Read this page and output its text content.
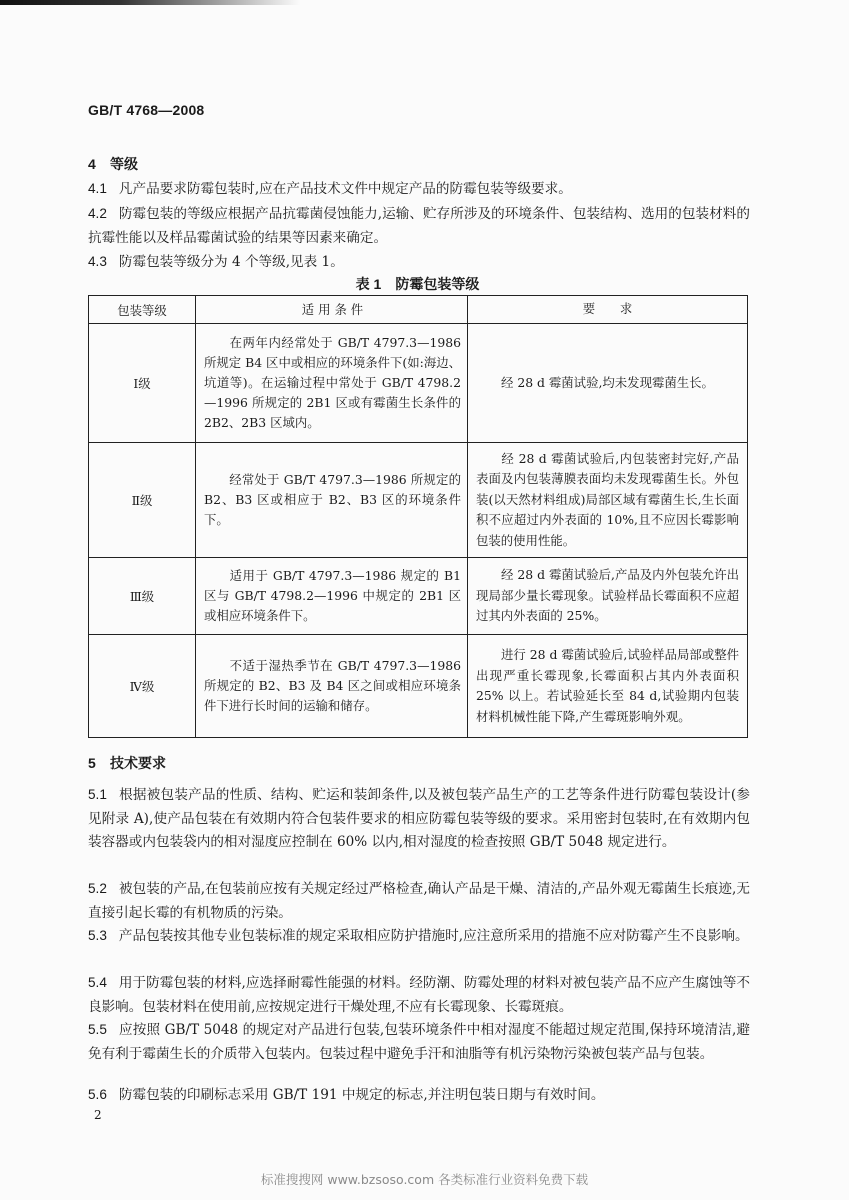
GB/T 4768—2008
4 等级
4.1 凡产品要求防霉包装时,应在产品技术文件中规定产品的防霉包装等级要求。
4.2 防霉包装的等级应根据产品抗霉菌侵蚀能力,运输、贮存所涉及的环境条件、包装结构、选用的包装材料的抗霉性能以及样品霉菌试验的结果等因素来确定。
4.3 防霉包装等级分为 4 个等级,见表 1。
表 1 防霉包装等级
包装等级	适 用 条 件	要　　求
Ⅰ级	在两年内经常处于 GB/T 4797.3—1986 所规定 B4 区中或相应的环境条件下(如:海边、坑道等)。在运输过程中常处于 GB/T 4798.2—1996 所规定的 2B1 区或有霉菌生长条件的 2B2、2B3 区域内。	经 28 d 霉菌试验,均未发现霉菌生长。
Ⅱ级	经常处于 GB/T 4797.3—1986 所规定的 B2、B3 区或相应于 B2、B3 区的环境条件下。	经 28 d 霉菌试验后,内包装密封完好,产品表面及内包装薄膜表面均未发现霉菌生长。外包装(以天然材料组成)局部区域有霉菌生长,生长面积不应超过内外表面的 10%,且不应因长霉影响包装的使用性能。
Ⅲ级	适用于 GB/T 4797.3—1986 规定的 B1 区与 GB/T 4798.2—1996 中规定的 2B1 区或相应环境条件下。	经 28 d 霉菌试验后,产品及内外包装允许出现局部少量长霉现象。试验样品长霉面积不应超过其内外表面的 25%。
Ⅳ级	不适于湿热季节在 GB/T 4797.3—1986 所规定的 B2、B3 及 B4 区之间或相应环境条件下进行长时间的运输和储存。	进行 28 d 霉菌试验后,试验样品局部或整件出现严重长霉现象,长霉面积占其内外表面积 25% 以上。若试验延长至 84 d,试验期内包装材料机械性能下降,产生霉斑影响外观。
5 技术要求
5.1 根据被包装产品的性质、结构、贮运和装卸条件,以及被包装产品生产的工艺等条件进行防霉包装设计(参见附录 A),使产品包装在有效期内符合包装件要求的相应防霉包装等级的要求。采用密封包装时,在有效期内包装容器或内包装袋内的相对湿度应控制在 60% 以内,相对湿度的检查按照 GB/T 5048 规定进行。
5.2 被包装的产品,在包装前应按有关规定经过严格检查,确认产品是干燥、清洁的,产品外观无霉菌生长痕迹,无直接引起长霉的有机物质的污染。
5.3 产品包装按其他专业包装标准的规定采取相应防护措施时,应注意所采用的措施不应对防霉产生不良影响。
5.4 用于防霉包装的材料,应选择耐霉性能强的材料。经防潮、防霉处理的材料对被包装产品不应产生腐蚀等不良影响。包装材料在使用前,应按规定进行干燥处理,不应有长霉现象、长霉斑痕。
5.5 应按照 GB/T 5048 的规定对产品进行包装,包装环境条件中相对湿度不能超过规定范围,保持环境清洁,避免有利于霉菌生长的介质带入包装内。包装过程中避免手汗和油脂等有机污染物污染被包装产品与包装。
5.6 防霉包装的印刷标志采用 GB/T 191 中规定的标志,并注明包装日期与有效时间。
2
标准搜搜网 www.bzsoso.com 各类标准行业资料免费下载
